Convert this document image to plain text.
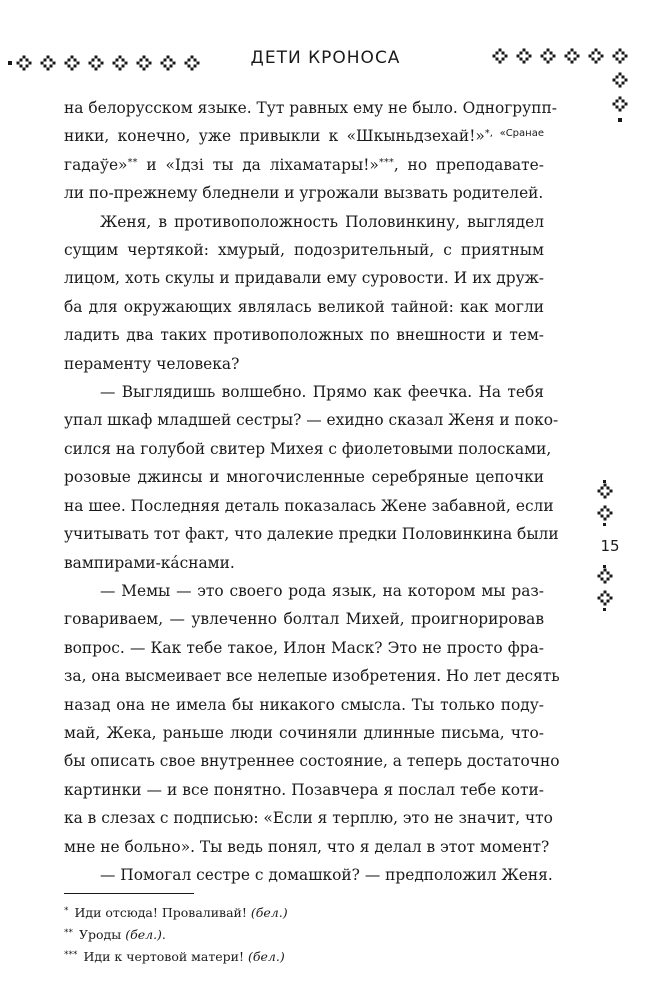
ДЕТИ КРОНОСА

на белорусском языке. Тут равных ему не было. Одногрупп-
ники, конечно, уже привыкли к «Шкыньдзехай!»$^{*, «Сранае}$
гадаўе»** и «Ідзі ты да ліхаматары!»***, но преподавате-
ли по-прежнему бледнели и угрожали вызвать родителей.

Женя, в противоположность Половинкину, выглядел
сущим чертякой: хмурый, подозрительный, с приятным
лицом, хоть скулы и придавали ему суровости. И их друж-
ба для окружающих являлась великой тайной: как могли
ладить два таких противоположных по внешности и тем-
пераменту человека?

— Выглядишь волшебно. Прямо как феечка. На тебя
упал шкаф младшей сестры? — ехидно сказал Женя и поко-
сился на голубой свитер Михея с фиолетовыми полосками,
розовые джинсы и многочисленные серебряные цепочки
на шее. Последняя деталь показалась Жене забавной, если
учитывать тот факт, что далекие предки Половинкина были
вампирами-ка́снами.

— Мемы — это своего рода язык, на котором мы раз-
говариваем, — увлеченно болтал Михей, проигнорировав
вопрос. — Как тебе такое, Илон Маск? Это не просто фра-
за, она высмеивает все нелепые изобретения. Но лет десять
назад она не имела бы никакого смысла. Ты только поду-
май, Жека, раньше люди сочиняли длинные письма, что-
бы описать свое внутреннее состояние, а теперь достаточно
картинки — и все понятно. Позавчера я послал тебе коти-
ка в слезах с подписью: «Если я терплю, это не значит, что
мне не больно». Ты ведь понял, что я делал в этот момент?

— Помогал сестре с домашкой? — предположил Женя.

15
* Иди отсюда! Проваливай! (бел.)
** Уроды (бел.).
*** Иди к чертовой матери! (бел.)
